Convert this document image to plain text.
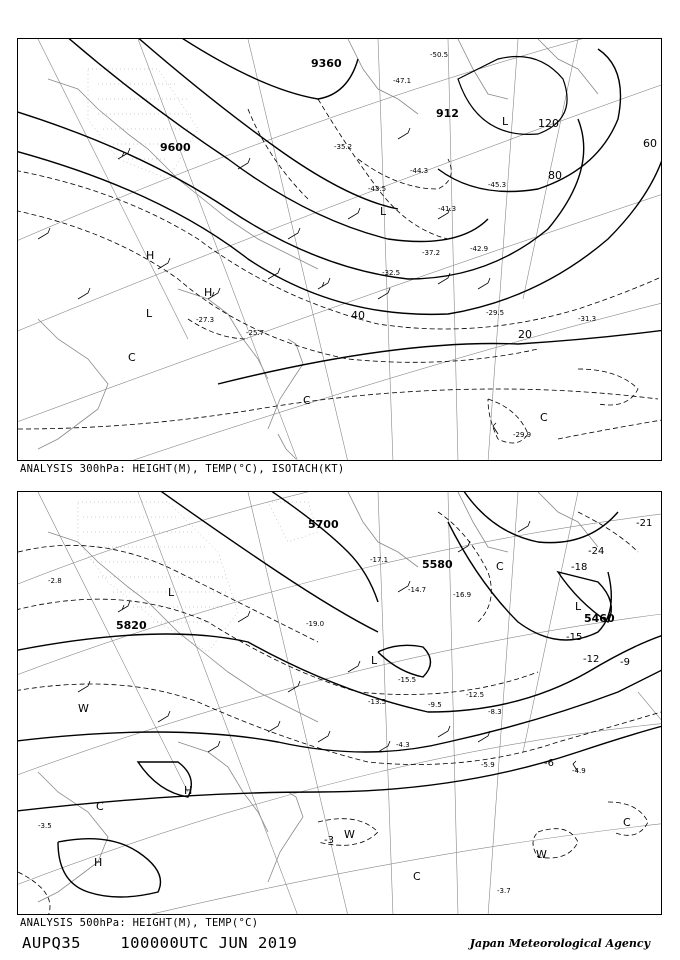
9600
9360
912
20
40
60
80
120
-27.3
-25.7
-29.5
-31.3
-29.9
-43.5	-45.3
-44.3
-37.2
-47.1
-50.5
-42.9
-35.2
-41.3
-32.5
H
H
L
L
L
C
C
C
ANALYSIS 300hPa: HEIGHT(M), TEMP(°C), ISOTACH(KT)
5700
5580
5820
5460
-3
-6
-9
-12
-15
-18
-21
-24
-15.5
-17.1
-14.7
-16.9
-12.5
-4.3
-5.9
-4.9
-3.7
-3.5
-2.8
-8.3
-9.5
-13.5
-19.0
H
H
L
L
L
C
C
C
C
W
W
W
ANALYSIS 500hPa: HEIGHT(M), TEMP(°C)
AUPQ35	100000UTC JUN 2019	Japan Meteorological Agency
